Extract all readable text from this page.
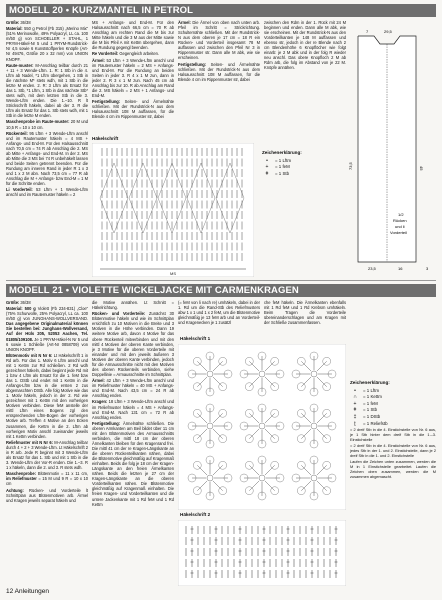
MODELL 20 • KURZMANTEL IN PETROL

Größe: 36/38

Material: 550 g Petrol (Fb 315) „Merino Mix“ (51% Merinowolle, 49% Polyacryl, LL ca. 100 m/50 g) von SCHOELLER + STAHL, 1 PRYM-Häkel-Nr 5 und 1 PRYM-Rundstrick-Nr 4,5 sowie 6 Kunststoffperlen Knöpfe (Art-Nr 49476, Größe 20 x 32 mm) von UNION KNOPF.

Raute-muster: M-Anschlag teilbar durch 21 + 11 + 3 Wende-Lftm. 1. R: 1 Stb in die 4. Lftm ab Nadel, *1 Lftm übergehen, 1 Stb in die nächste M* stets wdh, mit 1 Stb in die letzte M enden. 2. R: 3 Lftm als Ersatz für das 1. Stb, *1 Lftm, 1 Stb in das nächste Stb* stets wdh, mit dem letzten Stb in die 3. Wende-Lftm enden. Die 1.–10. R lt Strickschrift häkeln, dabei ab der 3. R die Lftm als Ersatz für das 1. Stb stets wdh, mit 1 Stb in die letzte M enden.

Maschenprobe im Raute-muster: 20 M und 10,5 R = 10 x 10 cm.

Rückenteil: 95 Lftm + 3 Wende-Lftm anschl und im Rautemuster häkeln = 4 MS + Anfangs- und End-M. Für den Halsausschnitt nach 70,5 cm = 74 R ab Anschlag die 2. MS ab Mitte + Anfangs- und End-M. In der 2. MS ab Mitte die 3 MS bei 74 R unbehäkelt lassen und beide Seiten getrennt beenden. Für die Rundung am inneren Rand in jeder R 1 x 3 und 1 x 2 M abn. Nach 73,5 cm = 77 R ab Anschlag die M + Anfangs- bzw End-M = 1 M für die Schritte enden.

Li Vorderteil: 53 Lftm + 1 Wende-Lftm anschl und im Rautemuster häkeln = 2

MS + Anfangs- und End-M. Für den Halsausschnitt nach 66,5 cm = 70 R ab Anschlag am rechten Rand die M bis zur Mitte häkeln und die 3 M aus der Mitte sowie die M bis Pfeil A mit Kettm übergehen, dann die Rundung gegengl beenden.

Re Vorderteil: Gegengleich arbeiten.

Ärmel: 53 Lftm + 3 Wende-Lftm anschl und im Rautemuster häkeln = 2 MS + Anfangs- und End-M. Für die Rundung an beiden Seiten in jeder 3. R 4 x 1 M zun, dann in jeder 2. R 3 x 1 M zun. Nach 45 cm ab Anschlag bis zur 10. R ab Anschlag am Rand die 2. MS häkeln = 2 MS + 1 Anfangs- und End-M.

Fertigstellung: Seiten- und Ärmelnähte schließen. Mit der Rundstrick-N aus dem Halsausschnitt 108 M auffassen, für die Blende 4 cm im Rippenmuster str, dabei

Ärmel: Die Ärmel von oben nach unten arb. Pfeil im Schritt = Strickrichtung. Schulternähte schließen. Mit der Rundstrick-N aus dem oberen je 17 cm = 18 R ein Rücken- und Vorderteil insgesamt 78 M auffassen und zwischen den Pfeil Nr 3 in Rippenmuster str. Dann alle M abk, wie sie erscheinen.

Fertigstellung: Seiten- und Ärmelnähte schließen. Mit der Rundstrick-N aus dem Halsausschnitt 108 M auffassen, für die Blende 4 cm im Rippenmuster str, dabei

zwischen den Rdm in der 1. Rück mit 24 M beginnen und enden. Dann alle M abk, wie sie erscheinen. Mit der Rundstrick-N aus den Vorderteilkanten je 148 M auffassen und ebenso str, jedoch in der re Blende nach 2 cm Blendenhöhe 6 Knopflöcher wie folgt einarb: je 2 M abk und in der folg R wieder neu anschl. Das obere Knopfloch 2 M ab Rdm arb, die folg im Abstand von je 22 M. Knöpfe annähen.

Häkelschrift
MS
Zeichenerklärung:
•	= 1 Lftm
+	= 1 feM
ǂ	= 1 Stb
7	29,5
45
1/2
Rücken
und li
Vorderteil
23,5	16
73,5
3
MODELL 21 • VIOLETTE WICKELJACKE MIT CARMENKRAGEN

Größe: 36/38

Material: 500 g Violett (Fb 234-831) „Cloe“ (75% Schurwolle, 25% Polyacryl, LL ca. 100 m/50 g) von JUNGHANS-WOLLVERSAND. Das angegebene Originalmaterial können Sie bestellen bei: Junghans-Wollversand, Auf der Hüls 205, 52053 Aachen, Tel. 01805/109108. Je 1 PRYM-Häkel-N Nr 5 und 6 sowie 1 Schließe (Art-Nr 0858709) von UNION KNOPF.

Blütenmotiv mit N Nr 6: Lt Häkelschrift 1 in Rd arb. Für das 1. Motiv 6 Lftm anschl und mit 1 Kettm zur Rd schließen. 2 Rd wdh gezeichnet häkeln, dabei beginnt jede Rd mit 1 bzw 4 Lftm als Ersatz für die 1. feM bzw das 1. DStb und endet mit 1 Kettm in die Anfangs-Lftm bzw in die ersten 2 zus abgemaschten DStb. Alle folg Motive wie das 1. Motiv häkeln, jedoch in der 2. Rd wie gezeichnet mit 1 Kettm mit den vorherigen Motiven verbinden. Diese feM anstelle der mittl Lftm eines Bogens zgl den entsprechenden Lftm-Bogen der vorherigen Motive arb. Treffen 4 Motive an den Ecken zusammen, die Kettm in die 2. Lftm ab vorherigen Motiv anschl zueinander jeweils mit 1 Kettm verbinden.

Reliefmuster mit N Nr 6: M-Anschlag teilbar durch 4 + 2 + 3 Wende-Lftm. Lt Häkelschrift 2 in R arb. Jede R beginnt mit 3 Wende-Lftm als Ersatz für das 1. Stb und mit 1 Stb in die 3. Wende-Lftm der Vor-R enden. Die 1.–3. R 1 x häkeln, dann die 2. und 3. R stets wdh.

Maschenprobe: Blütenmotiv = 11 x 11 cm, im Reliefmuster = 15 M und 9 R = 10 x 10 cm

Achtung: Rücken- und Vorderteile lt Schnittplan aus Blütenmotiven arb. Ärmel und Kragen jeweils separat häkeln und

die Motive annähen. Lt Schnitt = Häkelrichtung.

Rücken- und Vorderteile: Zunächst 30 Blütenmotive häkeln und wie im Schnittplan ersichtlich zu 10 Motiven in die Breite und 3 Motiven in die Höhe verbinden. Dann 19 weitere Motive arb, davon 4 Motive für das obere Rückenteil mitverbinden und mit den mittl 4 Motiven der oberen Kante verbinden, je 3 Motive für die oberen Vorderteile mit einander und mit den jeweils äußeren 3 Motiven der oberen Kante verbinden, jedoch für die Armausschnitte nicht mit den Motiven des oberen Rückenteils verbinden, siehe Doppellinie = Armausschnitte im Schnittplan.

Ärmel: 42 Lftm + 3 Wende-Lftm anschl und im Reliefmuster häkeln = 40 MS + Anfangs- und End-M. Nach 43,5 cm = 24 R ab Anschlag enden.

Kragen: 18 Lftm + 3 Wende-Lftm anschl und im Reliefmuster häkeln = 4 MS + Anfangs- und End-M. Nach 131 cm = 72 R ab Anschlag enden.

Fertigstellung: Ärmelnähte schließen. Die oberen Armkanten am Beil bildet über 11 cm mit den Blütenmotiven des Armausschnitts verbinden, die mittl 18 cm der oberen Ärmelkanten bleiben für den Kragenrand frei. Die mittl 41 cm der re Kragen-Längskante an die oberen Rückenteilkanten nähen, dabei die Blütenmotive gleichmäßig auf Kragenmaß einhalten. Beids die folg je 18 cm der Kragen-Längskante an den freien Ärmelkanten nähen. Beids die letzten je 27 cm der Kragen-Längskante an die oberen Vorderteilkanten nähen. Die Blütenmotive gleichmäßig auf Kragenmaß einhalten. Die freien Kragen- und Vorderteilkanten und die untere Jackenkante mit 1 Rd feM und 1 Rd Kettm

(= feM von li nach re) umhäkeln, dabei in der 1. Rd um die Rand-Stb des Reliefmusters abw 1 x 1 und 1 x 2 feM, um die Blütenmotive gleichmäßig je 13 feM arb und an Vorderteil- und Kragenecken je 1 zusätzl

che feM häkeln. Die Ärmelkanten ebenfalls mit 1 Rd feM und 1 Rd Krebsm umhäkeln. Beim Tragen die Vorderteile übereinanderschlagen und am Kragen mit der Schließe zusammenfassen.

Häkelschrift 1
Häkelschrift 2
Zeichenerklärung:
•	= 1 Lftm
∩	= 1 Kettm
+	= 1 feM
ǂ	= 1 Stb
‡	= 1 DStb
ʈ	= 1 Reliefstb

= 2 dreif Stb in die 4. Einstichstelle von Nr. 6 aus, je 1 Stb hinter dem dreif Stb in die 1.–3. Einstichstelle

= 2 dreif Stb in die 4. Einstichstelle von Nr. 6 aus, jedes Stb in der 1. und 2. Einstichstelle, dann je 2 dreif Stb in die 1. und 2. Einstichstelle

Laufen die Zeichen unten zusammen, werden die M in 1 Einstichstelle gearbeitet. Laufen die Zeichen oben zusammen, werden die M zusammen abgemascht.

12 Anleitungen
